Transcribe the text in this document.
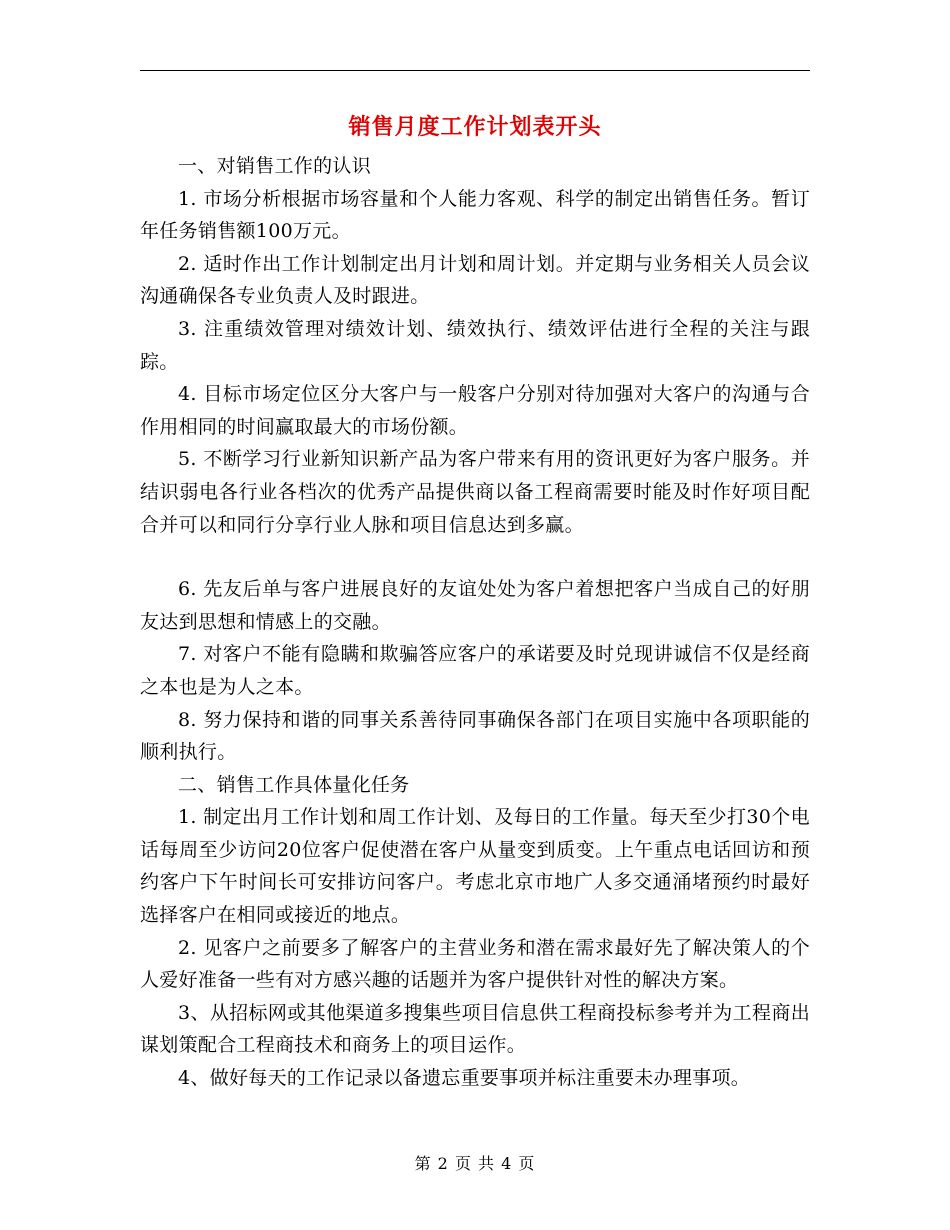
销售月度工作计划表开头

一、对销售工作的认识

1. 市场分析根据市场容量和个人能力客观、科学的制定出销售任务。暂订年任务销售额100万元。

2. 适时作出工作计划制定出月计划和周计划。并定期与业务相关人员会议沟通确保各专业负责人及时跟进。

3. 注重绩效管理对绩效计划、绩效执行、绩效评估进行全程的关注与跟踪。

4. 目标市场定位区分大客户与一般客户分别对待加强对大客户的沟通与合作用相同的时间赢取最大的市场份额。

5. 不断学习行业新知识新产品为客户带来有用的资讯更好为客户服务。并结识弱电各行业各档次的优秀产品提供商以备工程商需要时能及时作好项目配合并可以和同行分享行业人脉和项目信息达到多赢。

6. 先友后单与客户进展良好的友谊处处为客户着想把客户当成自己的好朋友达到思想和情感上的交融。

7. 对客户不能有隐瞒和欺骗答应客户的承诺要及时兑现讲诚信不仅是经商之本也是为人之本。

8. 努力保持和谐的同事关系善待同事确保各部门在项目实施中各项职能的顺利执行。

二、销售工作具体量化任务

1. 制定出月工作计划和周工作计划、及每日的工作量。每天至少打30个电话每周至少访问20位客户促使潜在客户从量变到质变。上午重点电话回访和预约客户下午时间长可安排访问客户。考虑北京市地广人多交通涌堵预约时最好选择客户在相同或接近的地点。

2. 见客户之前要多了解客户的主营业务和潜在需求最好先了解决策人的个人爱好准备一些有对方感兴趣的话题并为客户提供针对性的解决方案。

3、从招标网或其他渠道多搜集些项目信息供工程商投标参考并为工程商出谋划策配合工程商技术和商务上的项目运作。

4、做好每天的工作记录以备遗忘重要事项并标注重要未办理事项。

第 2 页 共 4 页
